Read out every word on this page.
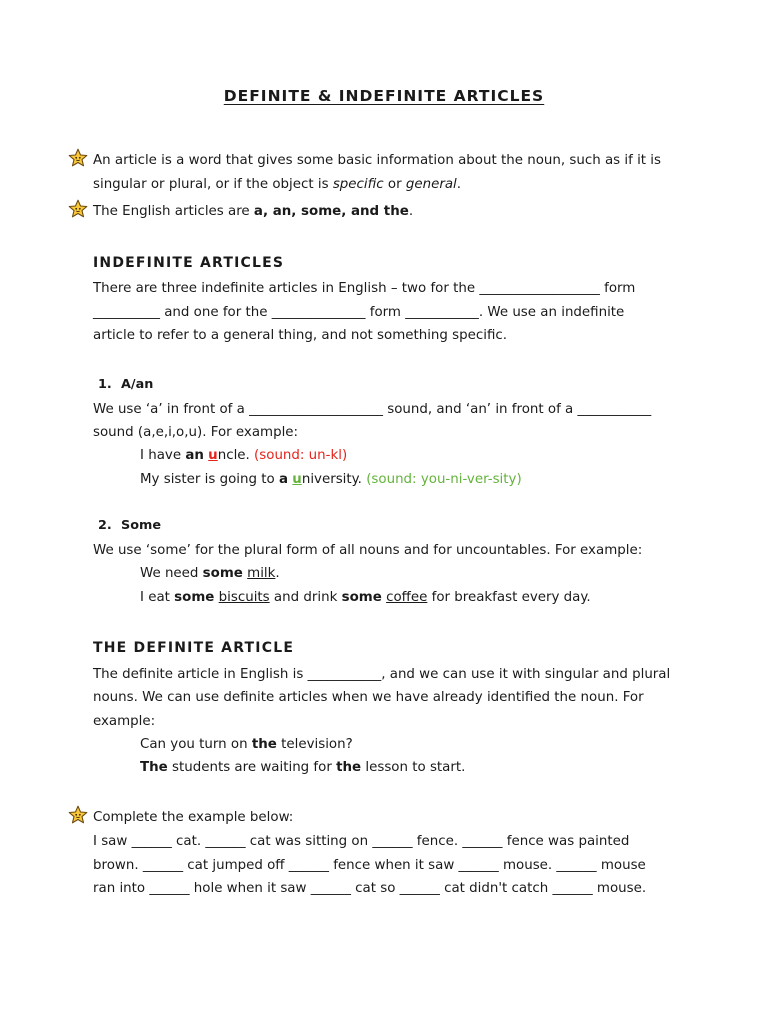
DEFINITE & INDEFINITE ARTICLES
An article is a word that gives some basic information about the noun, such as if it is
singular or plural, or if the object is specific or general.
The English articles are a, an, some, and the.
INDEFINITE ARTICLES
There are three indefinite articles in English – two for the __________________ form
__________ and one for the ______________ form ___________. We use an indefinite
article to refer to a general thing, and not something specific.
1. A/an
We use ‘a’ in front of a ____________________ sound, and ‘an’ in front of a ___________
sound (a,e,i,o,u). For example:
I have an uncle. (sound: un-kl)
My sister is going to a university. (sound: you-ni-ver-sity)
2. Some
We use ‘some’ for the plural form of all nouns and for uncountables. For example:
We need some milk.
I eat some biscuits and drink some coffee for breakfast every day.
THE DEFINITE ARTICLE
The definite article in English is ___________, and we can use it with singular and plural
nouns. We can use definite articles when we have already identified the noun. For
example:
Can you turn on the television?
The students are waiting for the lesson to start.
Complete the example below:
I saw ______ cat. ______ cat was sitting on ______ fence. ______ fence was painted
brown. ______ cat jumped off ______ fence when it saw ______ mouse. ______ mouse
ran into ______ hole when it saw ______ cat so ______ cat didn't catch ______ mouse.
